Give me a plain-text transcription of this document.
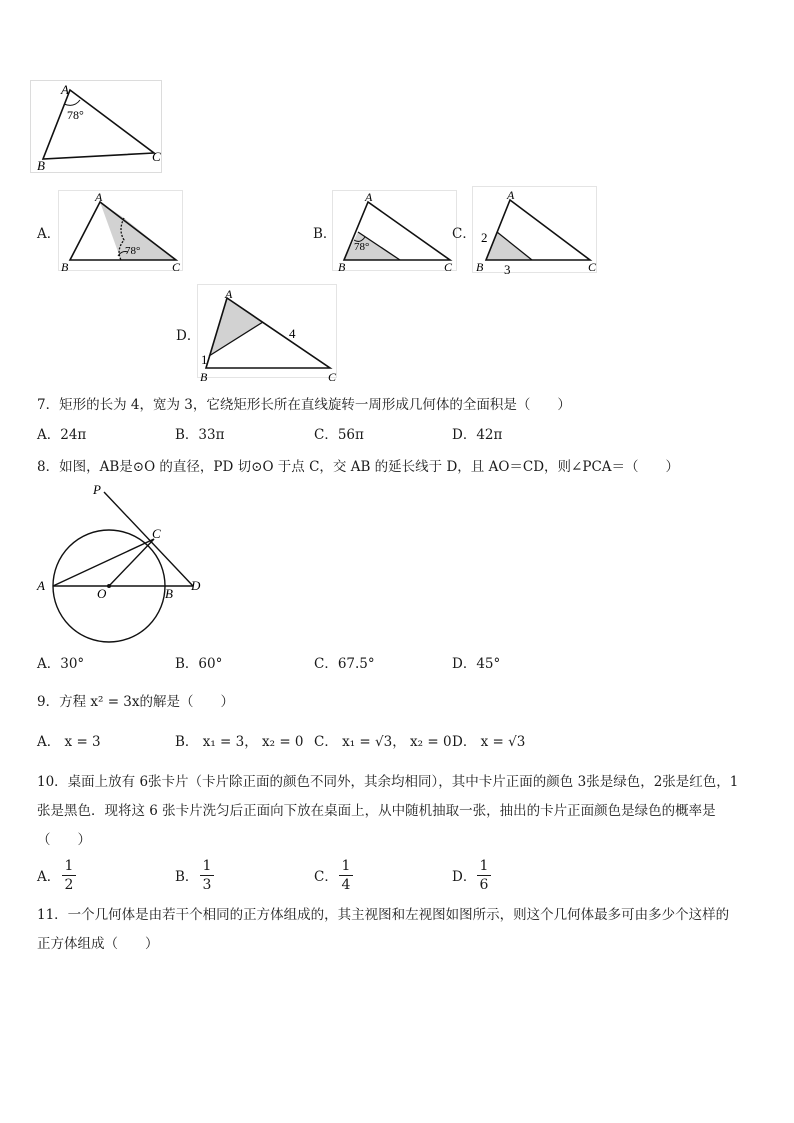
78°
A
B
C
A．
78°
A
B	C
B．
78°
A
B	C
C． 2
3
A
B	C
D．
1
4
A
B	C
7．矩形的长为 4，宽为 3，它绕矩形长所在直线旋转一周形成几何体的全面积是（　　）
A．24π	B．33π	C．56π	D．42π
8．如图，AB是⊙O 的直径，PD 切⊙O 于点 C，交 AB 的延长线于 D，且 AO＝CD，则∠PCA＝（　　）
P
C
A
O	B
D
A．30°	B．60°	C．67.5°	D．45°
9．方程 x² = 3x的解是（　　）
A． x = 3	B． x₁ = 3， x₂ = 0 C． x₁ = √3， x₂ = 0 D． x = √3
10．桌面上放有 6张卡片（卡片除正面的颜色不同外，其余均相同），其中卡片正面的颜色 3张是绿色，2张是红色，1
张是黑色．现将这 6 张卡片洗匀后正面向下放在桌面上，从中随机抽取一张，抽出的卡片正面颜色是绿色的概率是
（　　）
A．
1
2	B．
1
3	C．
1
4	D．
1
6
11．一个几何体是由若干个相同的正方体组成的，其主视图和左视图如图所示，则这个几何体最多可由多少个这样的
正方体组成（　　）
